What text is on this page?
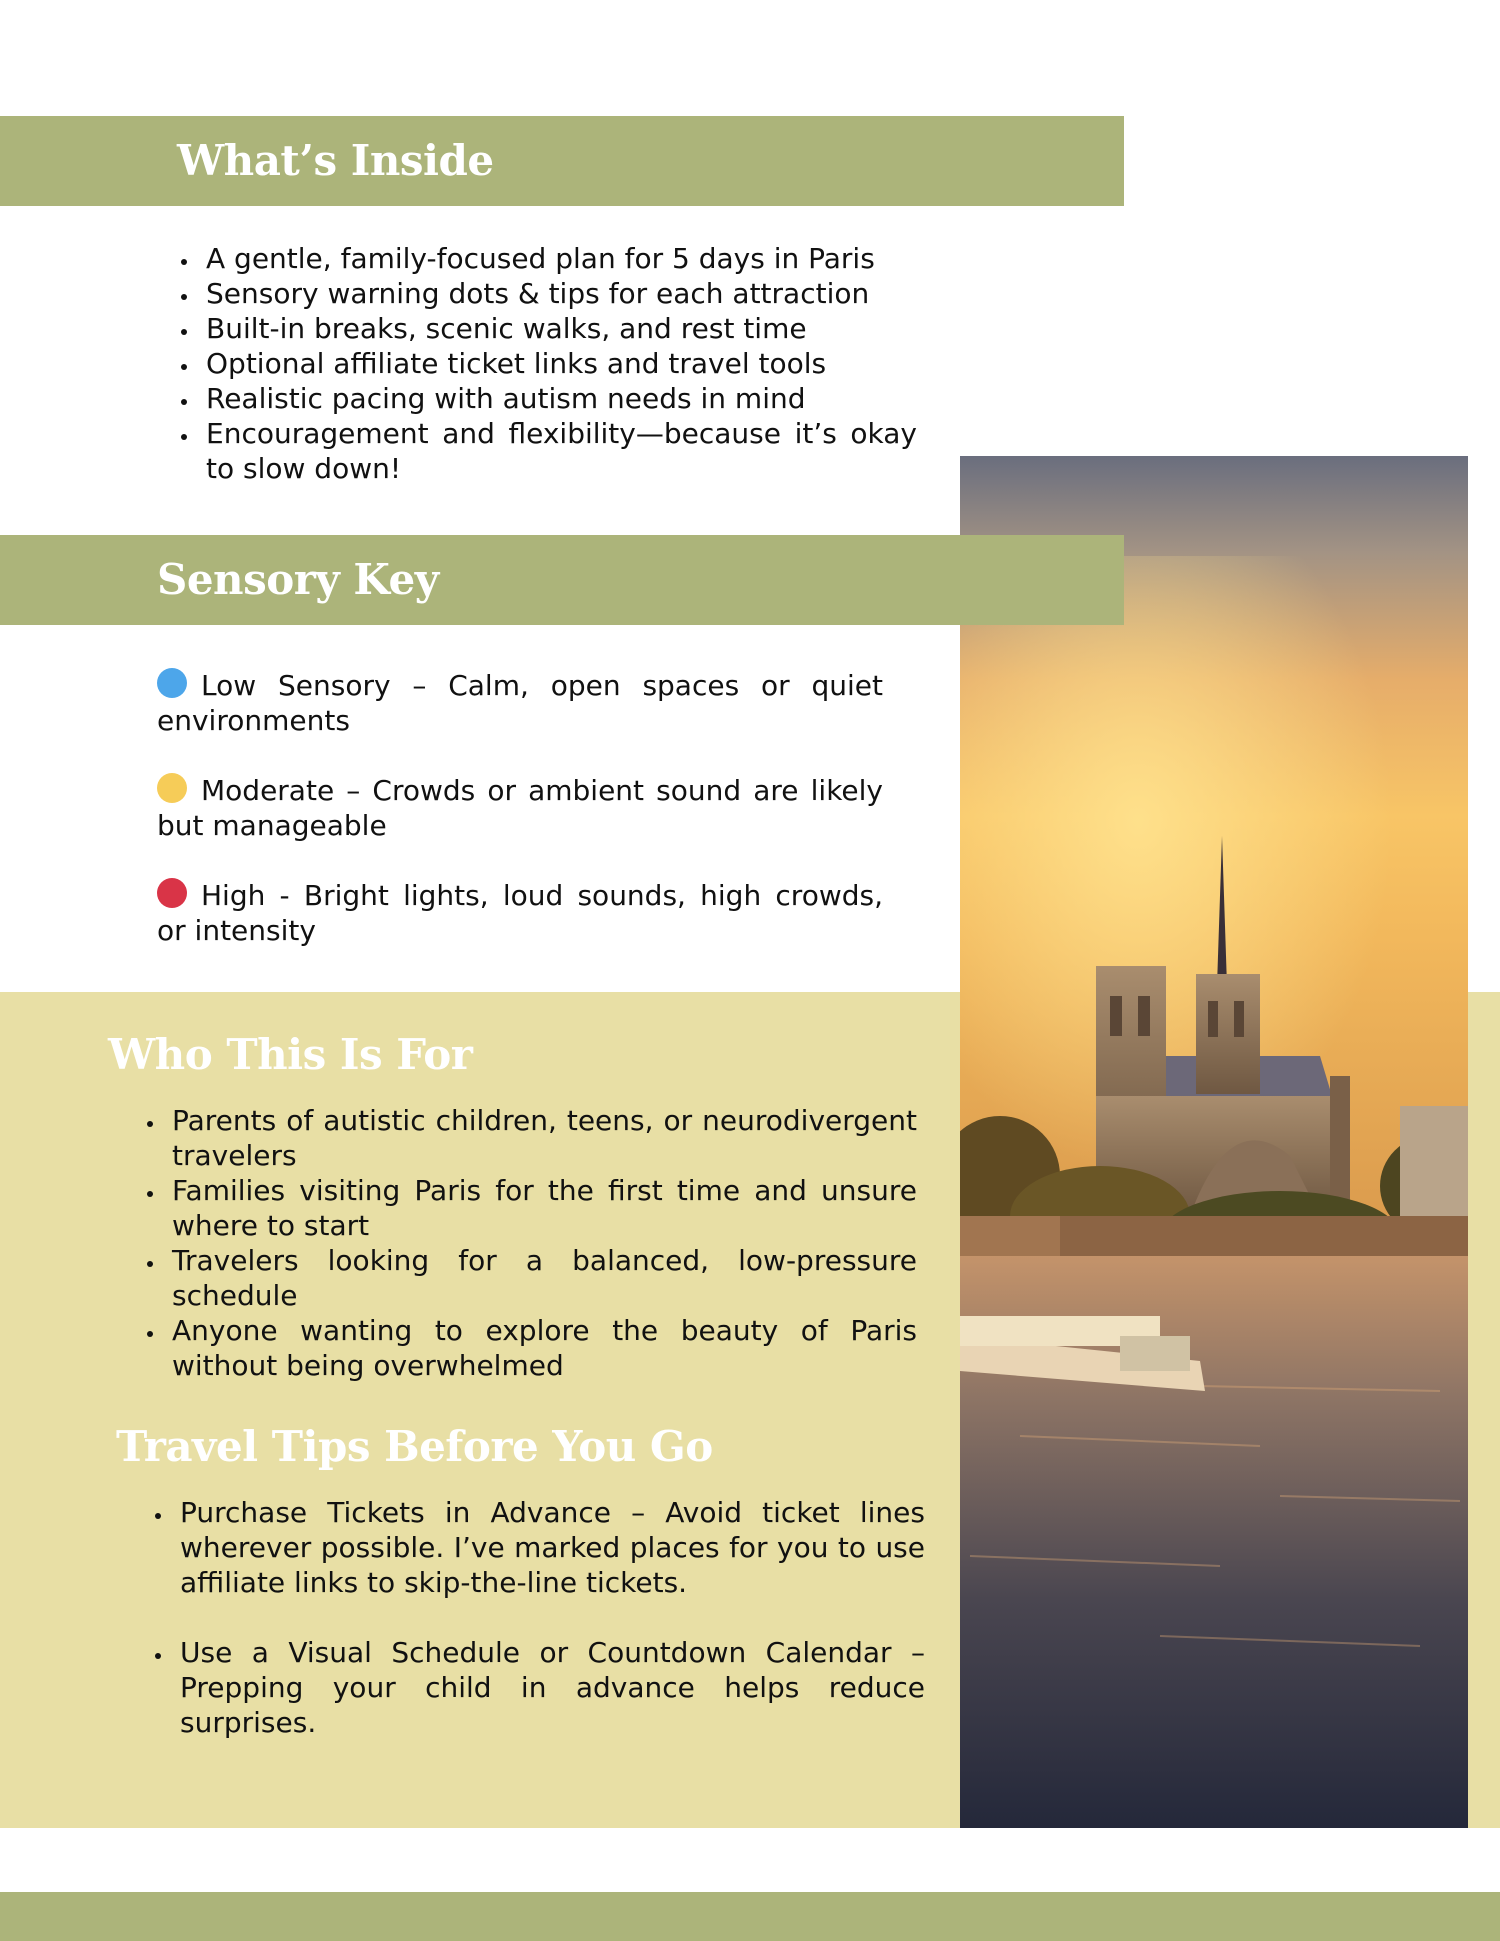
What’s Inside
• A gentle, family-focused plan for 5 days in Paris
• Sensory warning dots & tips for each attraction
• Built-in breaks, scenic walks, and rest time
• Optional affiliate ticket links and travel tools
• Realistic pacing with autism needs in mind
• Encouragement and flexibility—because it’s okay to slow down!
Sensory Key

Low Sensory – Calm, open spaces or quiet environments

Moderate – Crowds or ambient sound are likely but manageable

High - Bright lights, loud sounds, high crowds, or intensity

Who This Is For
• Parents of autistic children, teens, or neurodivergent travelers
• Families visiting Paris for the first time and unsure where to start
• Travelers looking for a balanced, low-pressure schedule
• Anyone wanting to explore the beauty of Paris without being overwhelmed
Travel Tips Before You Go
• Purchase Tickets in Advance – Avoid ticket lines wherever possible. I’ve marked places for you to use affiliate links to skip-the-line tickets.
• Use a Visual Schedule or Countdown Calendar – Prepping your child in advance helps reduce surprises.
